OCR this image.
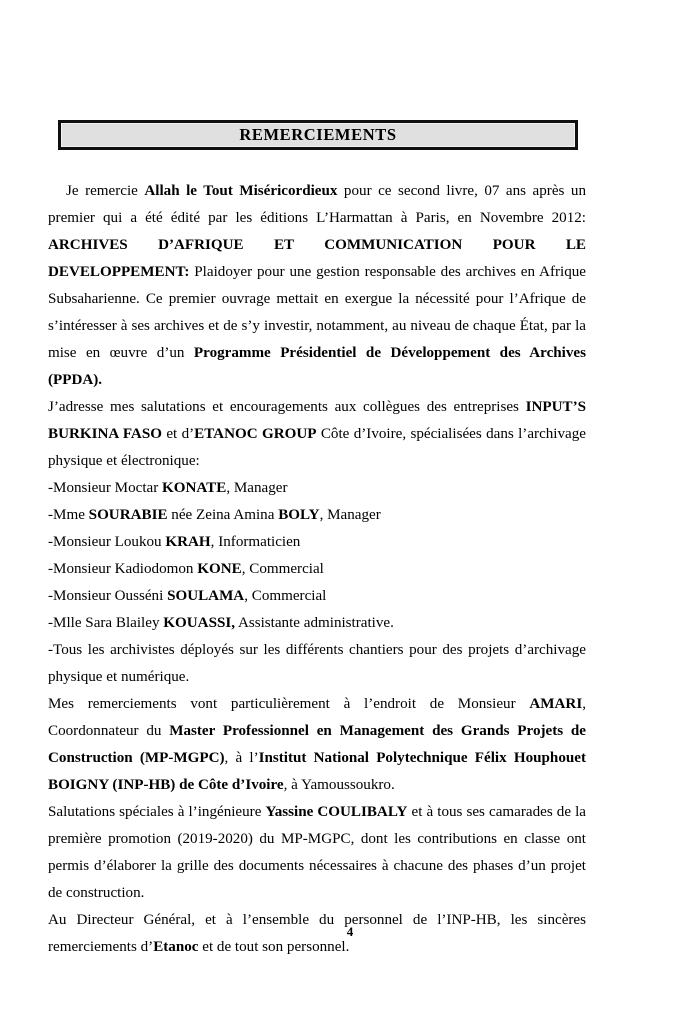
REMERCIEMENTS

Je remercie Allah le Tout Miséricordieux pour ce second livre, 07 ans après un premier qui a été édité par les éditions L’Harmattan à Paris, en Novembre 2012: ARCHIVES D’AFRIQUE ET COMMUNICATION POUR LE DEVELOPPEMENT: Plaidoyer pour une gestion responsable des archives en Afrique Subsaharienne. Ce premier ouvrage mettait en exergue la nécessité pour l’Afrique de s’intéresser à ses archives et de s’y investir, notamment, au niveau de chaque État, par la mise en œuvre d’un Programme Présidentiel de Développement des Archives (PPDA).

J’adresse mes salutations et encouragements aux collègues des entreprises INPUT’S BURKINA FASO et d’ETANOC GROUP Côte d’Ivoire, spécialisées dans l’archivage physique et électronique:

-Monsieur Moctar KONATE, Manager

-Mme SOURABIE née Zeina Amina BOLY, Manager

-Monsieur Loukou KRAH, Informaticien

-Monsieur Kadiodomon KONE, Commercial

-Monsieur Ousséni SOULAMA, Commercial

-Mlle Sara Blailey KOUASSI, Assistante administrative.

-Tous les archivistes déployés sur les différents chantiers pour des projets d’archivage physique et numérique.

Mes remerciements vont particulièrement à l’endroit de Monsieur AMARI, Coordonnateur du Master Professionnel en Management des Grands Projets de Construction (MP-MGPC), à l’Institut National Polytechnique Félix Houphouet BOIGNY (INP-HB) de Côte d’Ivoire, à Yamoussoukro.

Salutations spéciales à l’ingénieure Yassine COULIBALY et à tous ses camarades de la première promotion (2019-2020) du MP-MGPC, dont les contributions en classe ont permis d’élaborer la grille des documents nécessaires à chacune des phases d’un projet de construction.

Au Directeur Général, et à l’ensemble du personnel de l’INP-HB, les sincères remerciements d’Etanoc et de tout son personnel.

4
